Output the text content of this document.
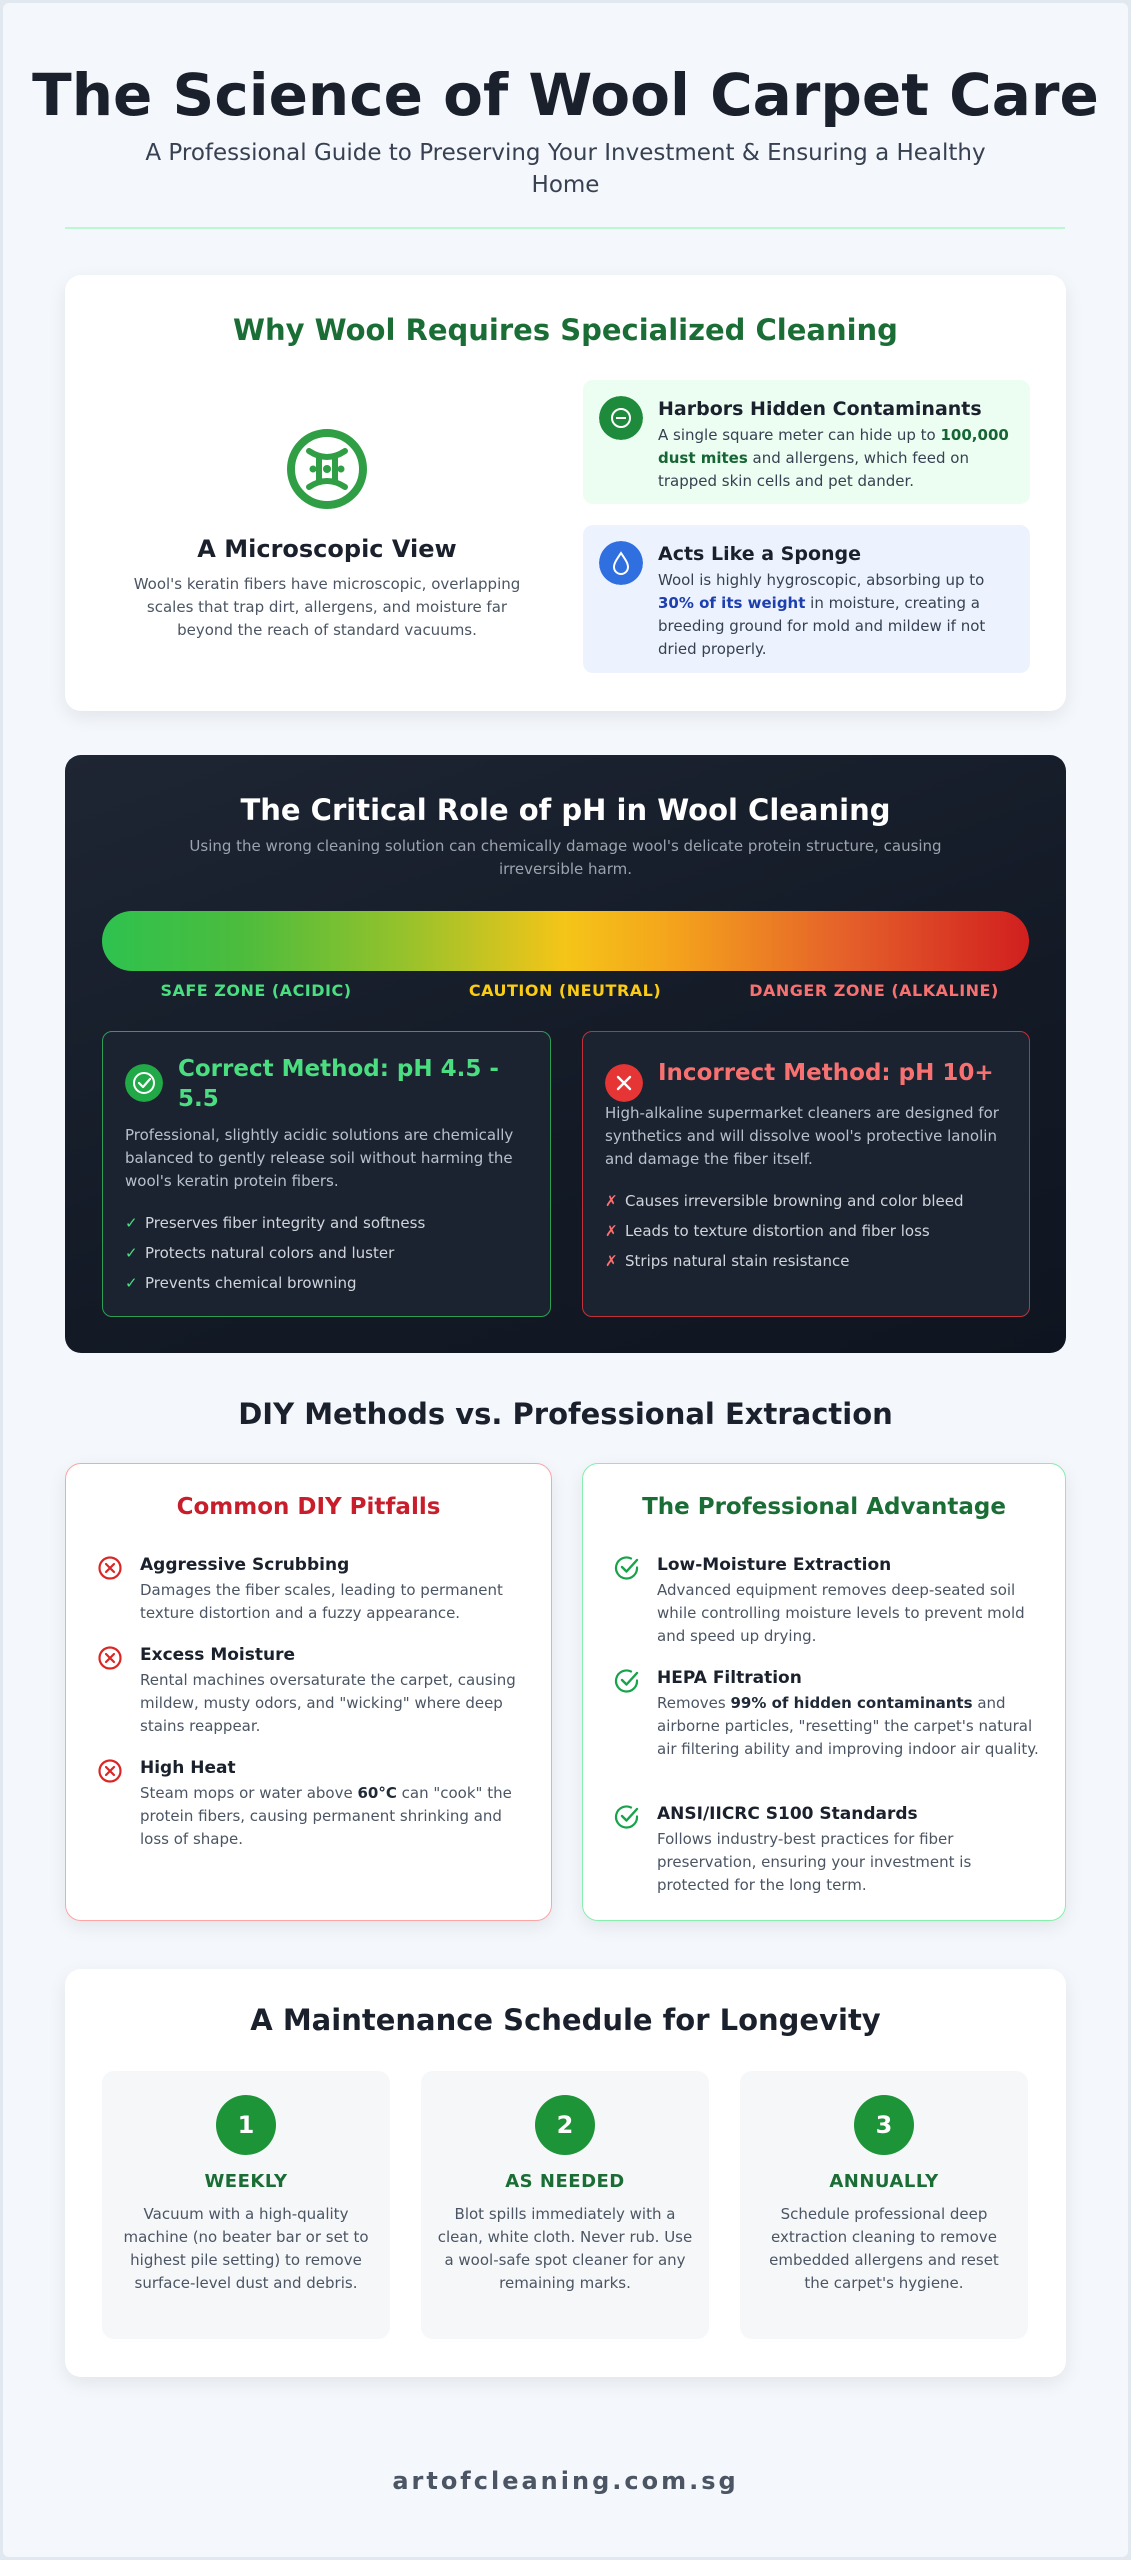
The Science of Wool Carpet Care
A Professional Guide to Preserving Your Investment & Ensuring a Healthy Home
Why Wool Requires Specialized Cleaning
A Microscopic View
Wool's keratin fibers have microscopic, overlapping scales that trap dirt, allergens, and moisture far beyond the reach of standard vacuums.
Harbors Hidden Contaminants
A single square meter can hide up to 100,000 dust mites and allergens, which feed on trapped skin cells and pet dander.
Acts Like a Sponge
Wool is highly hygroscopic, absorbing up to 30% of its weight in moisture, creating a breeding ground for mold and mildew if not dried properly.
The Critical Role of pH in Wool Cleaning
Using the wrong cleaning solution can chemically damage wool's delicate protein structure, causing irreversible harm.
SAFE ZONE (ACIDIC)	CAUTION (NEUTRAL)	DANGER ZONE (ALKALINE)
Correct Method: pH 4.5 - 5.5
Professional, slightly acidic solutions are chemically balanced to gently release soil without harming the wool's keratin protein fibers.
✓ Preserves fiber integrity and softness
✓ Protects natural colors and luster
✓ Prevents chemical browning
Incorrect Method: pH 10+
High-alkaline supermarket cleaners are designed for synthetics and will dissolve wool's protective lanolin and damage the fiber itself.
✗ Causes irreversible browning and color bleed
✗ Leads to texture distortion and fiber loss
✗ Strips natural stain resistance
DIY Methods vs. Professional Extraction
Common DIY Pitfalls
Aggressive Scrubbing
Damages the fiber scales, leading to permanent texture distortion and a fuzzy appearance.
Excess Moisture
Rental machines oversaturate the carpet, causing mildew, musty odors, and "wicking" where deep stains reappear.
High Heat
Steam mops or water above 60°C can "cook" the protein fibers, causing permanent shrinking and loss of shape.
The Professional Advantage
Low-Moisture Extraction
Advanced equipment removes deep-seated soil while controlling moisture levels to prevent mold and speed up drying.
HEPA Filtration
Removes 99% of hidden contaminants and airborne particles, "resetting" the carpet's natural air filtering ability and improving indoor air quality.
ANSI/IICRC S100 Standards
Follows industry-best practices for fiber preservation, ensuring your investment is protected for the long term.
A Maintenance Schedule for Longevity
1
WEEKLY
Vacuum with a high-quality machine (no beater bar or set to highest pile setting) to remove surface-level dust and debris.
2
AS NEEDED
Blot spills immediately with a clean, white cloth. Never rub. Use a wool-safe spot cleaner for any remaining marks.
3
ANNUALLY
Schedule professional deep extraction cleaning to remove embedded allergens and reset the carpet's hygiene.
artofcleaning.com.sg
